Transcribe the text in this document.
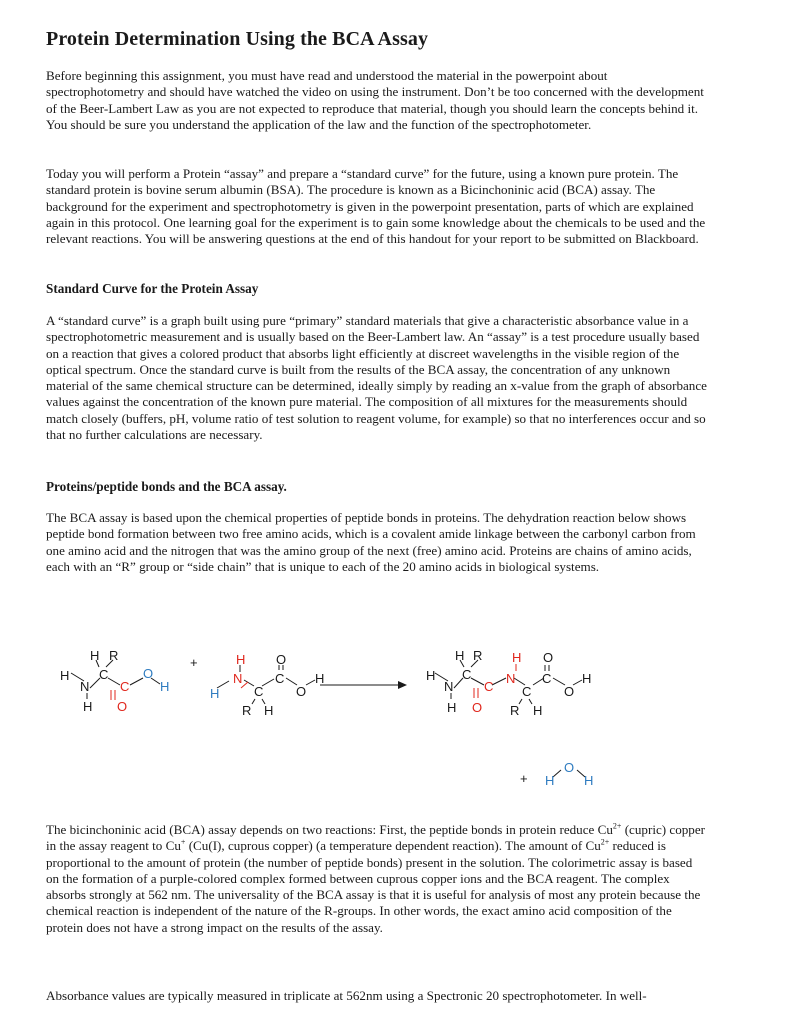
Protein Determination Using the BCA Assay

Before beginning this assignment, you must have read and understood the material in the powerpoint about spectrophotometry and should have watched the video on using the instrument. Don’t be too concerned with the development of the Beer-Lambert Law as you are not expected to reproduce that material, though you should learn the concepts behind it. You should be sure you understand the application of the law and the function of the spectrophotometer.

Today you will perform a Protein “assay” and prepare a “standard curve” for the future, using a known pure protein. The standard protein is bovine serum albumin (BSA). The procedure is known as a Bicinchoninic acid (BCA) assay. The background for the experiment and spectrophotometry is given in the powerpoint presentation, parts of which are explained again in this protocol. One learning goal for the experiment is to gain some knowledge about the chemicals to be used and the relevant reactions. You will be answering questions at the end of this handout for your report to be submitted on Blackboard.

Standard Curve for the Protein Assay

A “standard curve” is a graph built using pure “primary” standard materials that give a characteristic absorbance value in a spectrophotometric measurement and is usually based on the Beer-Lambert law. An “assay” is a test procedure usually based on a reaction that gives a colored product that absorbs light efficiently at discreet wavelengths in the visible region of the optical spectrum. Once the standard curve is built from the results of the BCA assay, the concentration of any unknown material of the same chemical structure can be determined, ideally simply by reading an x-value from the graph of absorbance values against the concentration of the known pure material. The composition of all mixtures for the measurements should match closely (buffers, pH, volume ratio of test solution to reagent volume, for example) so that no interferences occur and so that no further calculations are necessary.

Proteins/peptide bonds and the BCA assay.

The BCA assay is based upon the chemical properties of peptide bonds in proteins. The dehydration reaction below shows peptide bond formation between two free amino acids, which is a covalent amide linkage between the carbonyl carbon from one amino acid and the nitrogen that was the amino group of the next (free) amino acid. Proteins are chains of amino acids, each with an “R” group or “side chain” that is unique to each of the 20 amino acids in biological systems.

H R
C
H
N
H
C
O
O
H
+	H
N
H	C
R H
C
O
O
H
H R H O
H C	N C H
N C C	O
H O R H
+ H
O
H

The bicinchoninic acid (BCA) assay depends on two reactions: First, the peptide bonds in protein reduce $Cu^{2+}$ (cupric) copper in the assay reagent to Cu+ (Cu(I), cuprous copper) (a temperature dependent reaction). The amount of $Cu^{2+}$ reduced is proportional to the amount of protein (the number of peptide bonds) present in the solution. The colorimetric assay is based on the formation of a purple-colored complex formed between cuprous copper ions and the BCA reagent. The complex absorbs strongly at 562 nm. The universality of the BCA assay is that it is useful for analysis of most any protein because the chemical reaction is independent of the nature of the R-groups. In other words, the exact amino acid composition of the protein does not have a strong impact on the results of the assay.

Absorbance values are typically measured in triplicate at 562nm using a Spectronic 20 spectrophotometer. In well-
